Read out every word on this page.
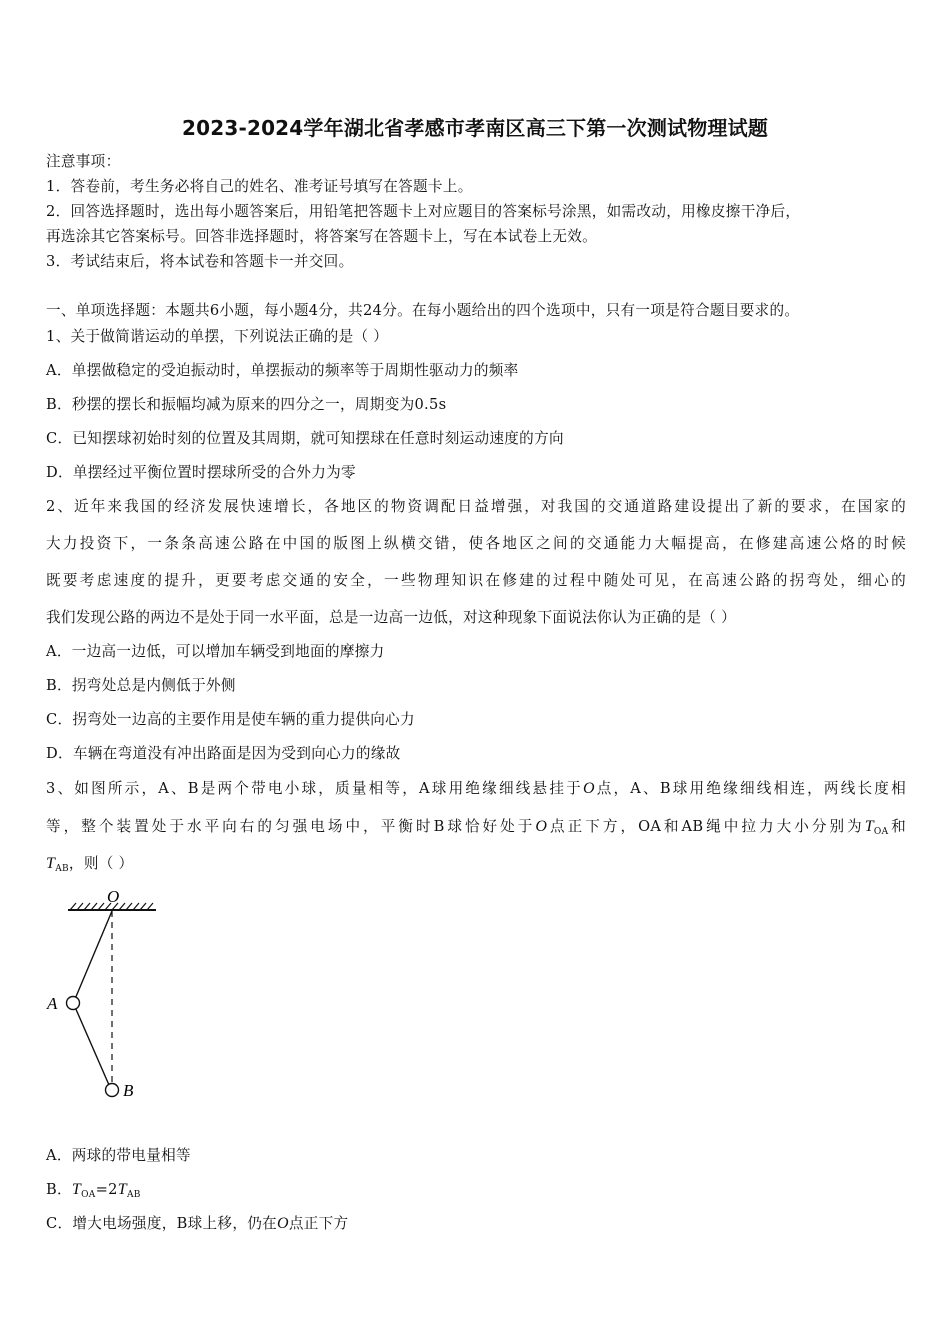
2023-2024学年湖北省孝感市孝南区高三下第一次测试物理试题
注意事项：
1．答卷前，考生务必将自己的姓名、准考证号填写在答题卡上。
2．回答选择题时，选出每小题答案后，用铅笔把答题卡上对应题目的答案标号涂黑，如需改动，用橡皮擦干净后，
再选涂其它答案标号。回答非选择题时，将答案写在答题卡上，写在本试卷上无效。
3．考试结束后，将本试卷和答题卡一并交回。
一、单项选择题：本题共6小题，每小题4分，共24分。在每小题给出的四个选项中，只有一项是符合题目要求的。
1、关于做简谐运动的单摆，下列说法正确的是（ ）
A．单摆做稳定的受迫振动时，单摆振动的频率等于周期性驱动力的频率
B．秒摆的摆长和振幅均减为原来的四分之一，周期变为0.5s
C．已知摆球初始时刻的位置及其周期，就可知摆球在任意时刻运动速度的方向
D．单摆经过平衡位置时摆球所受的合外力为零
2、近年来我国的经济发展快速增长，各地区的物资调配日益增强，对我国的交通道路建设提出了新的要求，在国家的
大力投资下，一条条高速公路在中国的版图上纵横交错，使各地区之间的交通能力大幅提高，在修建高速公烙的时候
既要考虑速度的提升，更要考虑交通的安全，一些物理知识在修建的过程中随处可见，在高速公路的拐弯处，细心的
我们发现公路的两边不是处于同一水平面，总是一边高一边低，对这种现象下面说法你认为正确的是（ ）
A．一边高一边低，可以增加车辆受到地面的摩擦力
B．拐弯处总是内侧低于外侧
C．拐弯处一边高的主要作用是使车辆的重力提供向心力
D．车辆在弯道没有冲出路面是因为受到向心力的缘故
3、如图所示，A、B是两个带电小球，质量相等，A球用绝缘细线悬挂于O点，A、B球用绝缘细线相连，两线长度相
等，整个装置处于水平向右的匀强电场中，平衡时B球恰好处于O点正下方，OA和AB绳中拉力大小分别为$T_{OA}$和
$T_{AB}$，则（ ）
O
A
B
A．两球的带电量相等
B．$T_{OA}=2T_{AB}$
C．增大电场强度，B球上移，仍在O点正下方
